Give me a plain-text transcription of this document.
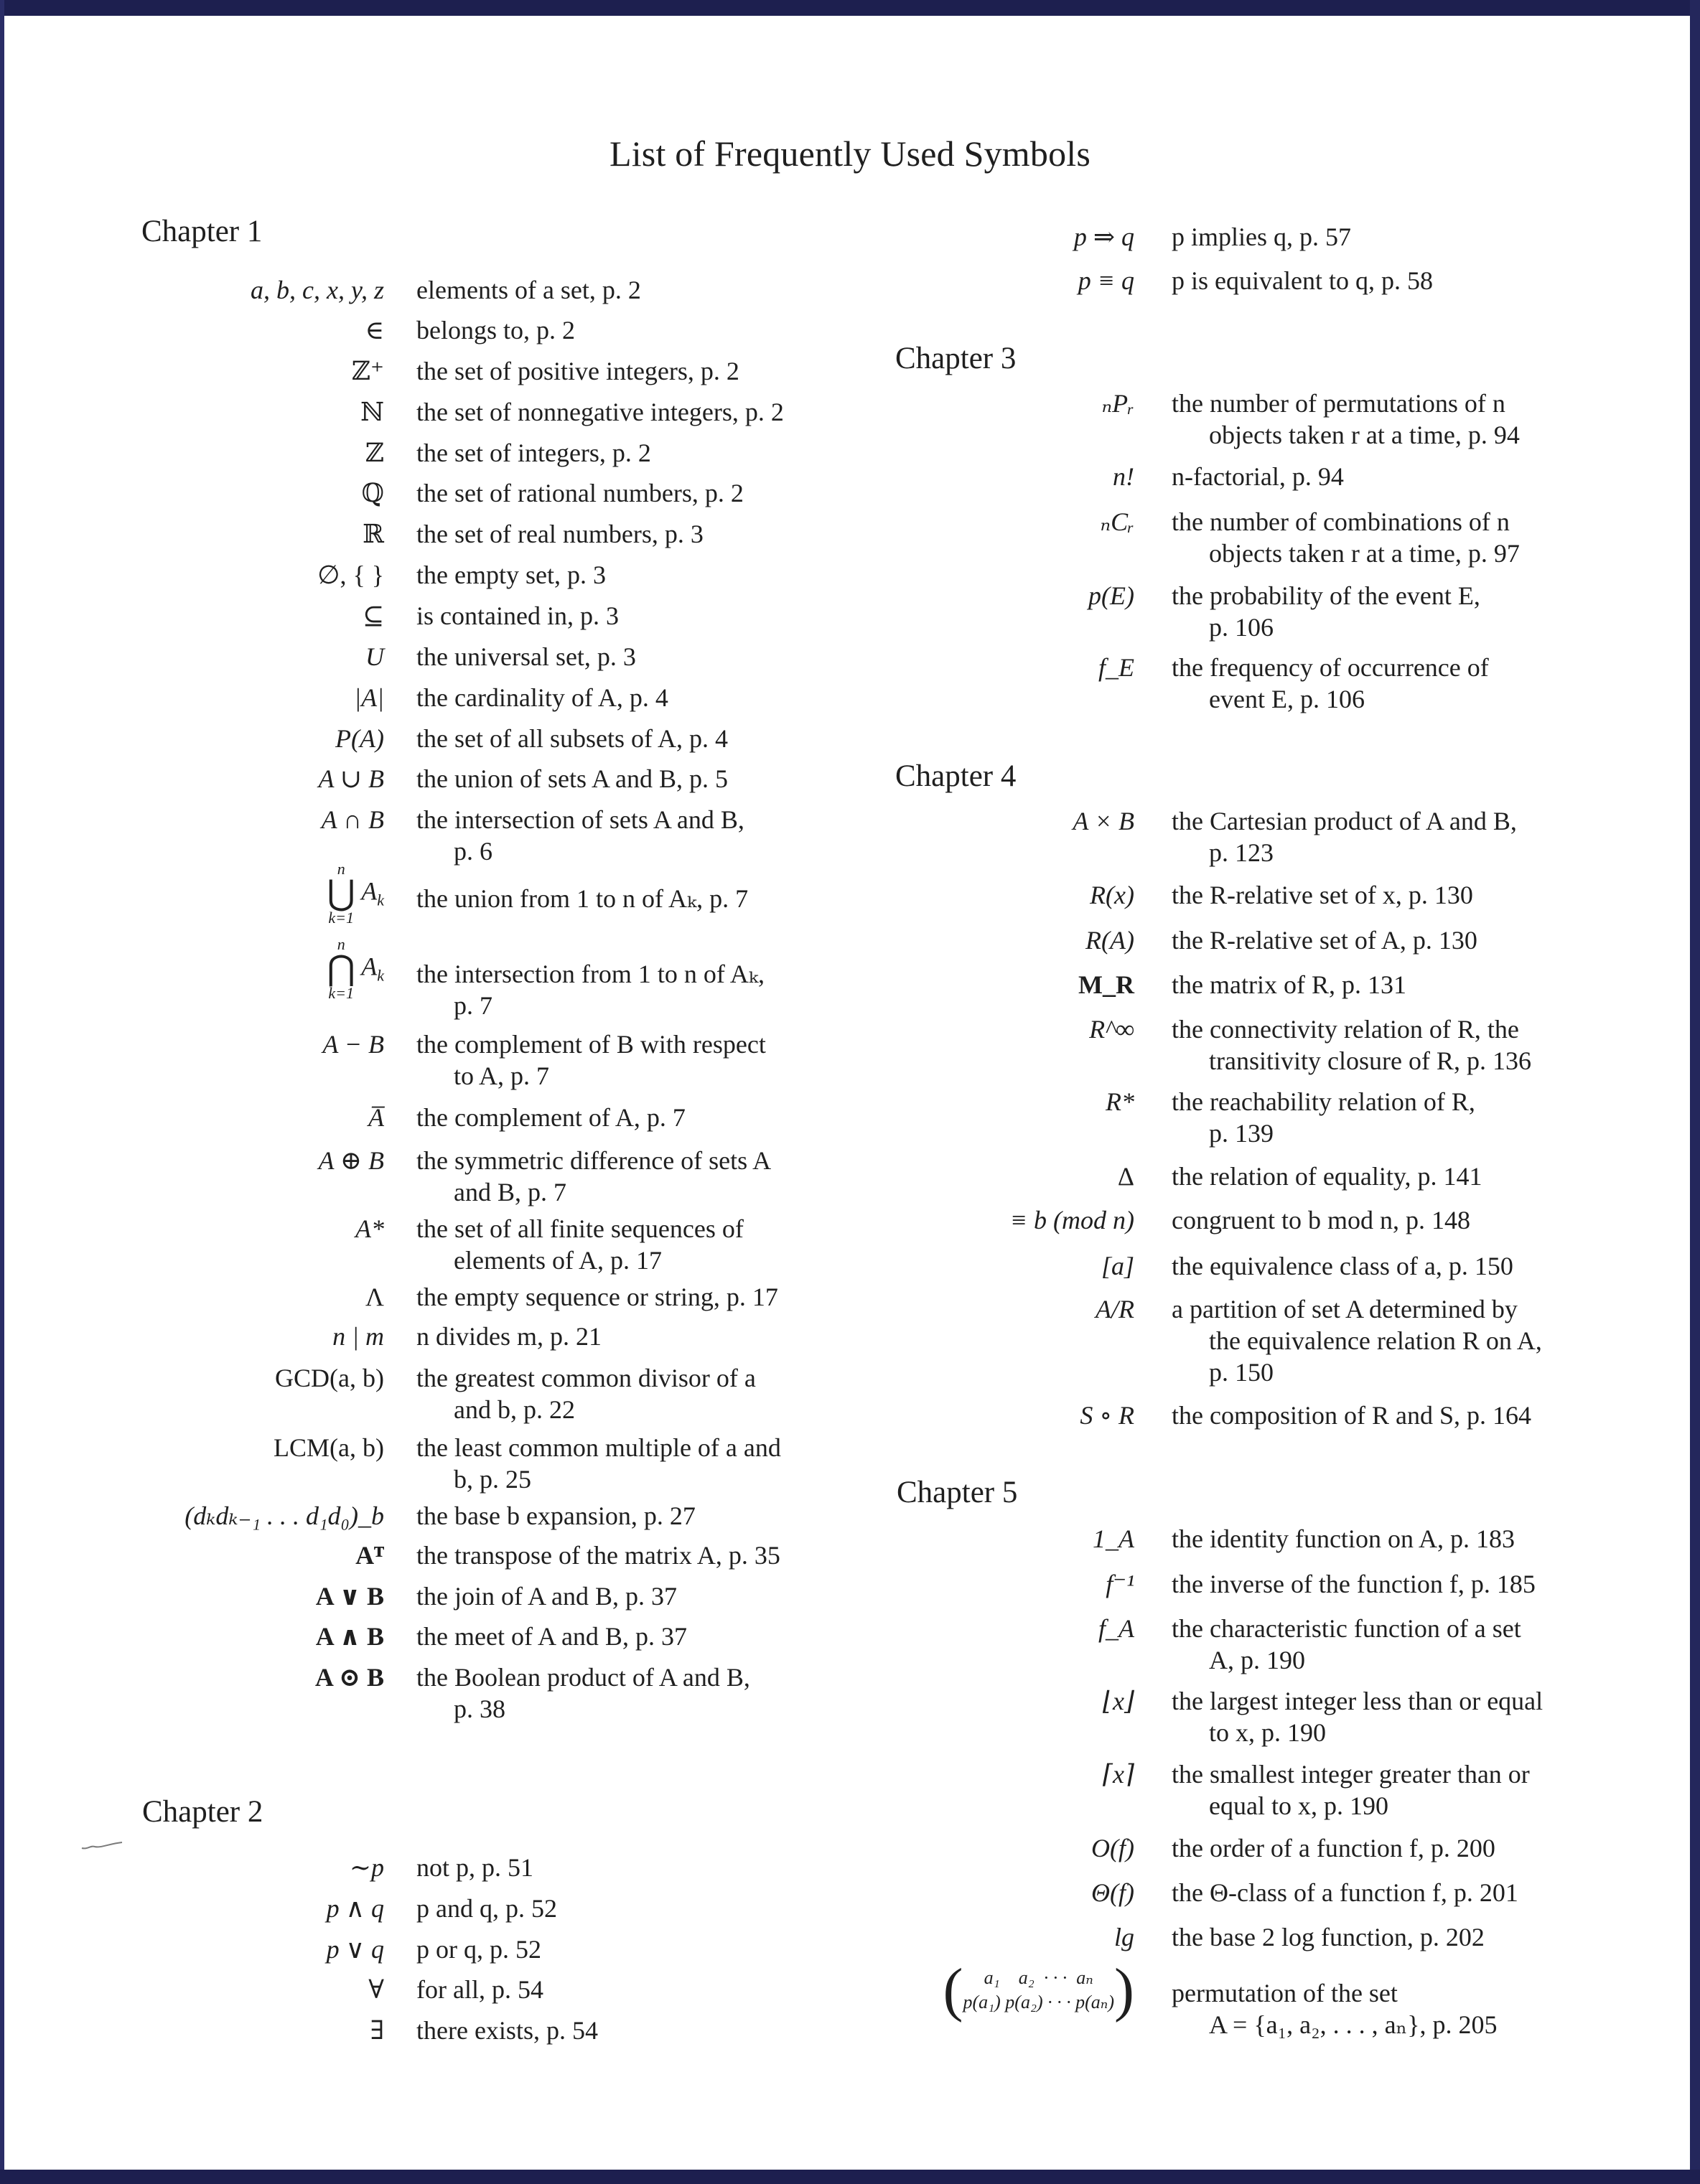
List of Frequently Used Symbols
Chapter 1
a, b, c, x, y, z elements of a set, p. 2
∈ belongs to, p. 2
ℤ⁺ the set of positive integers, p. 2
ℕ the set of nonnegative integers, p. 2
ℤ the set of integers, p. 2
ℚ the set of rational numbers, p. 2
ℝ the set of real numbers, p. 3
∅, { } the empty set, p. 3
⊆ is contained in, p. 3
U the universal set, p. 3
|A| the cardinality of A, p. 4
P(A) the set of all subsets of A, p. 4
A ∪ B the union of sets A and B, p. 5
A ∩ B the intersection of sets A and B,
p. 6
n
⋃
k=1
$A_k$ the union from 1 to n of Aₖ, p. 7
n
⋂
k=1
$A_k$ the intersection from 1 to n of Aₖ,
p. 7
A − B the complement of B with respect
to A, p. 7
A̅ the complement of A, p. 7
A ⊕ B the symmetric difference of sets A
and B, p. 7
A* the set of all finite sequences of
elements of A, p. 17
Λ the empty sequence or string, p. 17
n | m n divides m, p. 21
GCD(a, b) the greatest common divisor of a
and b, p. 22
LCM(a, b) the least common multiple of a and
b, p. 25
(dₖdₖ₋₁ . . . d₁d₀)_b the base b expansion, p. 27
Aᵀ the transpose of the matrix A, p. 35
A ∨ B the join of A and B, p. 37
A ∧ B the meet of A and B, p. 37
A ⊙ B the Boolean product of A and B,
p. 38
Chapter 2
∼p not p, p. 51
p ∧ q p and q, p. 52
p ∨ q p or q, p. 52
∀ for all, p. 54
∃ there exists, p. 54
p ⇒ q p implies q, p. 57
p ≡ q p is equivalent to q, p. 58
Chapter 3
ₙPᵣ the number of permutations of n
objects taken r at a time, p. 94
n! n-factorial, p. 94
ₙCᵣ the number of combinations of n
objects taken r at a time, p. 97
p(E) the probability of the event E,
p. 106
f_E the frequency of occurrence of
event E, p. 106
Chapter 4
A × B the Cartesian product of A and B,
p. 123
R(x) the R-relative set of x, p. 130
R(A) the R-relative set of A, p. 130
M_R the matrix of R, p. 131
R^∞ the connectivity relation of R, the
transitivity closure of R, p. 136
R* the reachability relation of R,
p. 139
Δ the relation of equality, p. 141
≡ b (mod n) congruent to b mod n, p. 148
[a] the equivalence class of a, p. 150
A/R a partition of set A determined by
the equivalence relation R on A,
p. 150
S ∘ R the composition of R and S, p. 164
Chapter 5
1_A the identity function on A, p. 183
f⁻¹ the inverse of the function f, p. 185
f_A the characteristic function of a set
A, p. 190
⌊x⌋ the largest integer less than or equal
to x, p. 190
⌈x⌉ the smallest integer greater than or
equal to x, p. 190
O(f) the order of a function f, p. 200
Θ(f) the Θ-class of a function f, p. 201
lg the base 2 log function, p. 202
( a₁    a₂  · · ·  aₙ
p(a₁) p(a₂) · · · p(aₙ)) permutation of the set
A = {a₁, a₂, . . . , aₙ}, p. 205
